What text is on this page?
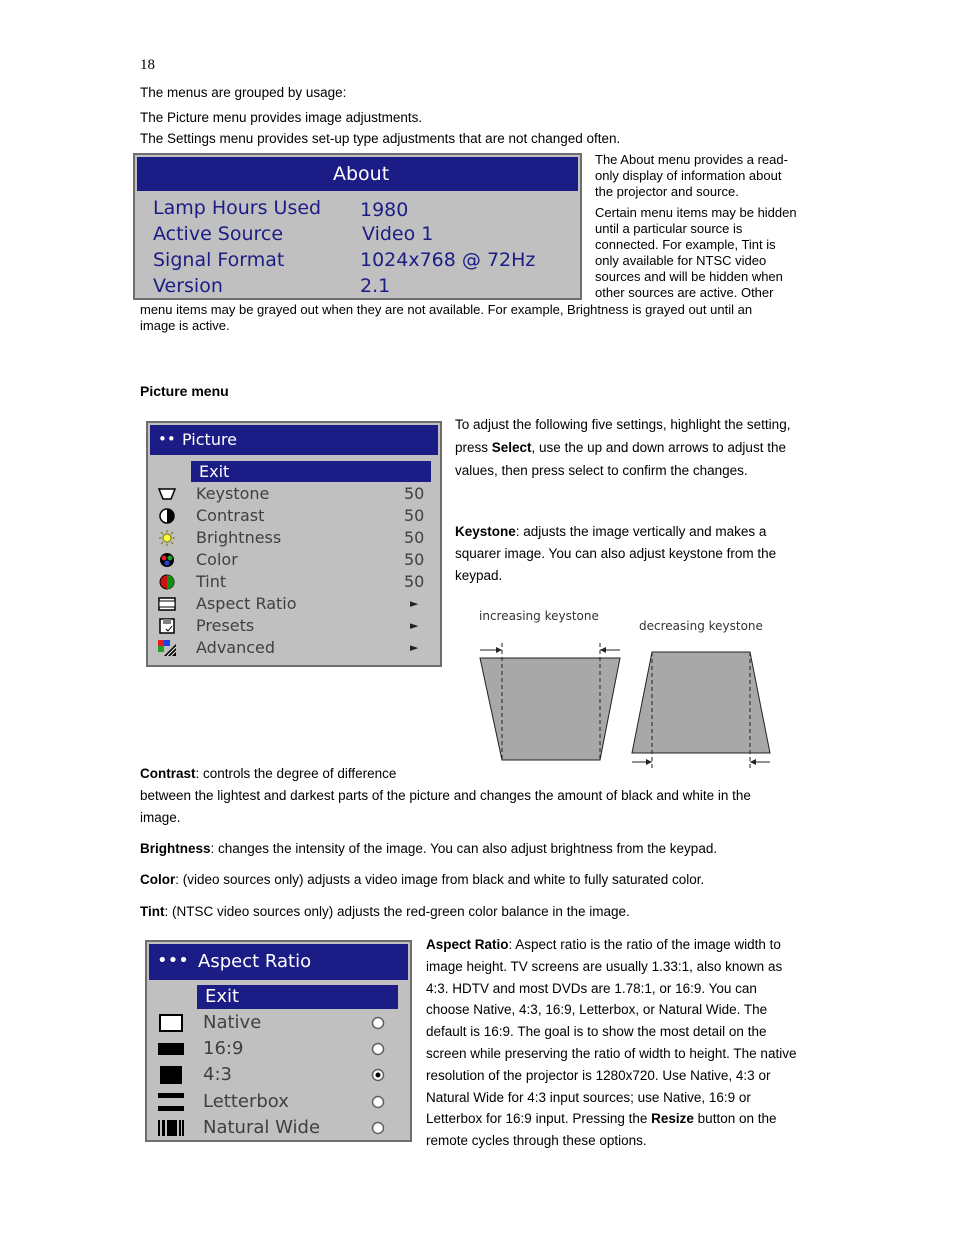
18

The menus are grouped by usage:

The Picture menu provides image adjustments.

The Settings menu provides set-up type adjustments that are not changed often.

About
Lamp Hours Used 1980
Active Source	Video 1
Signal Format	1024x768 @ 72Hz
Version	2.1

The About menu provides a read-

only display of information about

the projector and source.

Certain menu items may be hidden

until a particular source is

connected. For example, Tint is

only available for NTSC video

sources and will be hidden when

other sources are active. Other

menu items may be grayed out when they are not available. For example, Brightness is grayed out until an

image is active.

Picture menu

•• Picture
Exit
Keystone	50
Contrast	50
Brightness	50
Color	50
Tint	50
Aspect Ratio	►
Presets	►
Advanced	►

To adjust the following five settings, highlight the setting,

press Select, use the up and down arrows to adjust the

values, then press select to confirm the changes.

Keystone: adjusts the image vertically and makes a

squarer image. You can also adjust keystone from the

keypad.

increasing keystone
decreasing keystone

Contrast: controls the degree of difference

between the lightest and darkest parts of the picture and changes the amount of black and white in the

image.

Brightness: changes the intensity of the image. You can also adjust brightness from the keypad.

Color: (video sources only) adjusts a video image from black and white to fully saturated color.

Tint: (NTSC video sources only) adjusts the red-green color balance in the image.

••• Aspect Ratio
Exit
Native
16:9
4:3
Letterbox
Natural Wide

Aspect Ratio: Aspect ratio is the ratio of the image width to

image height. TV screens are usually 1.33:1, also known as

4:3. HDTV and most DVDs are 1.78:1, or 16:9. You can

choose Native, 4:3, 16:9, Letterbox, or Natural Wide. The

default is 16:9. The goal is to show the most detail on the

screen while preserving the ratio of width to height. The native

resolution of the projector is 1280x720. Use Native, 4:3 or

Natural Wide for 4:3 input sources; use Native, 16:9 or

Letterbox for 16:9 input. Pressing the Resize button on the

remote cycles through these options.
